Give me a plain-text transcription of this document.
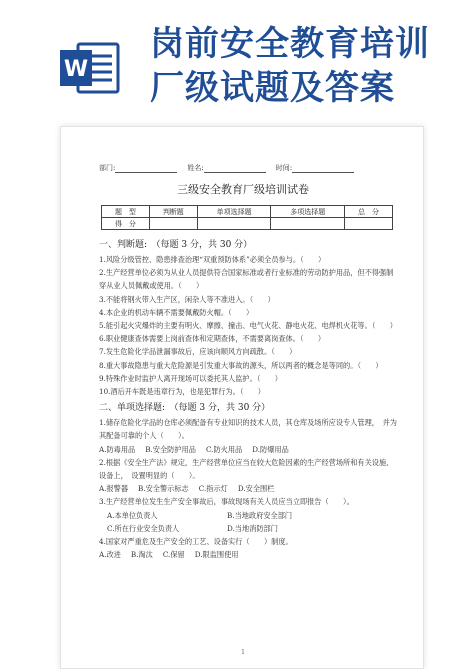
W
岗前安全教育培训
厂级试题及答案
部门:	姓名:	时间:
三级安全教育厂级培训试卷
题　型	判断题	单项选择题	多项选择题	总　分
得　分				
一、判断题:　（每题 3 分，共 30 分）
1.风险分级管控、隐患排查治理“双重预防体系”必须全员参与。（　　）
2.生产经营单位必须为从业人员提供符合国家标准或者行业标准的劳动防护用品，但不得强制
穿从业人员佩戴或使用。（　　）
3.不能将钢火带入生产区，闲杂人等不准进入。（　　）
4.本企业的机动车辆不需要佩戴防火帽。（　　）
5.能引起火灾爆炸的主要有明火、摩擦、撞击、电气火花、静电火花、电焊机火花等。（　　）
6.职业健康查体需要上岗前查体和定期查体，不需要离岗查体。（　　）
7.发生危险化学品泄漏事故后，应该向顺风方向疏散。（　　）
8.重大事故隐患与重大危险源是引发重大事故的源头，所以两者的概念是等同的。（　　）
9.特殊作业时监护人离开现场可以委托其人监护。（　　）
10.酒后开车既是违章行为，也是犯罪行为。（　　）
二、单项选择题:　（每题 3 分，共 30 分）
1.储存危险化学品的仓库必须配备有专业知识的技术人员，其仓库及场所应设专人管理，　并为
其配备可靠的个人（　　）。
A.防毒用品 B.安全防护用品 C.防火用品 D.防爆用品
2.根据《安全生产法》规定，生产经营单位应当在较大危险因素的生产经营场所和有关设施、
设备上，　设置明显的（　　）。
A.报警器 B.安全警示标志 C.指示灯 D.安全围栏
3.生产经营单位发生生产安全事故后，事故现场有关人员应当立即报告（　　）。
A.本单位负责人	B.当地政府安全部门
C.所在行业安全负责人	D.当地消防部门
4.国家对严重危及生产安全的工艺、设备实行（　　）制度。
A.改进 B.淘汰 C.保留 D.限监围使用
1
